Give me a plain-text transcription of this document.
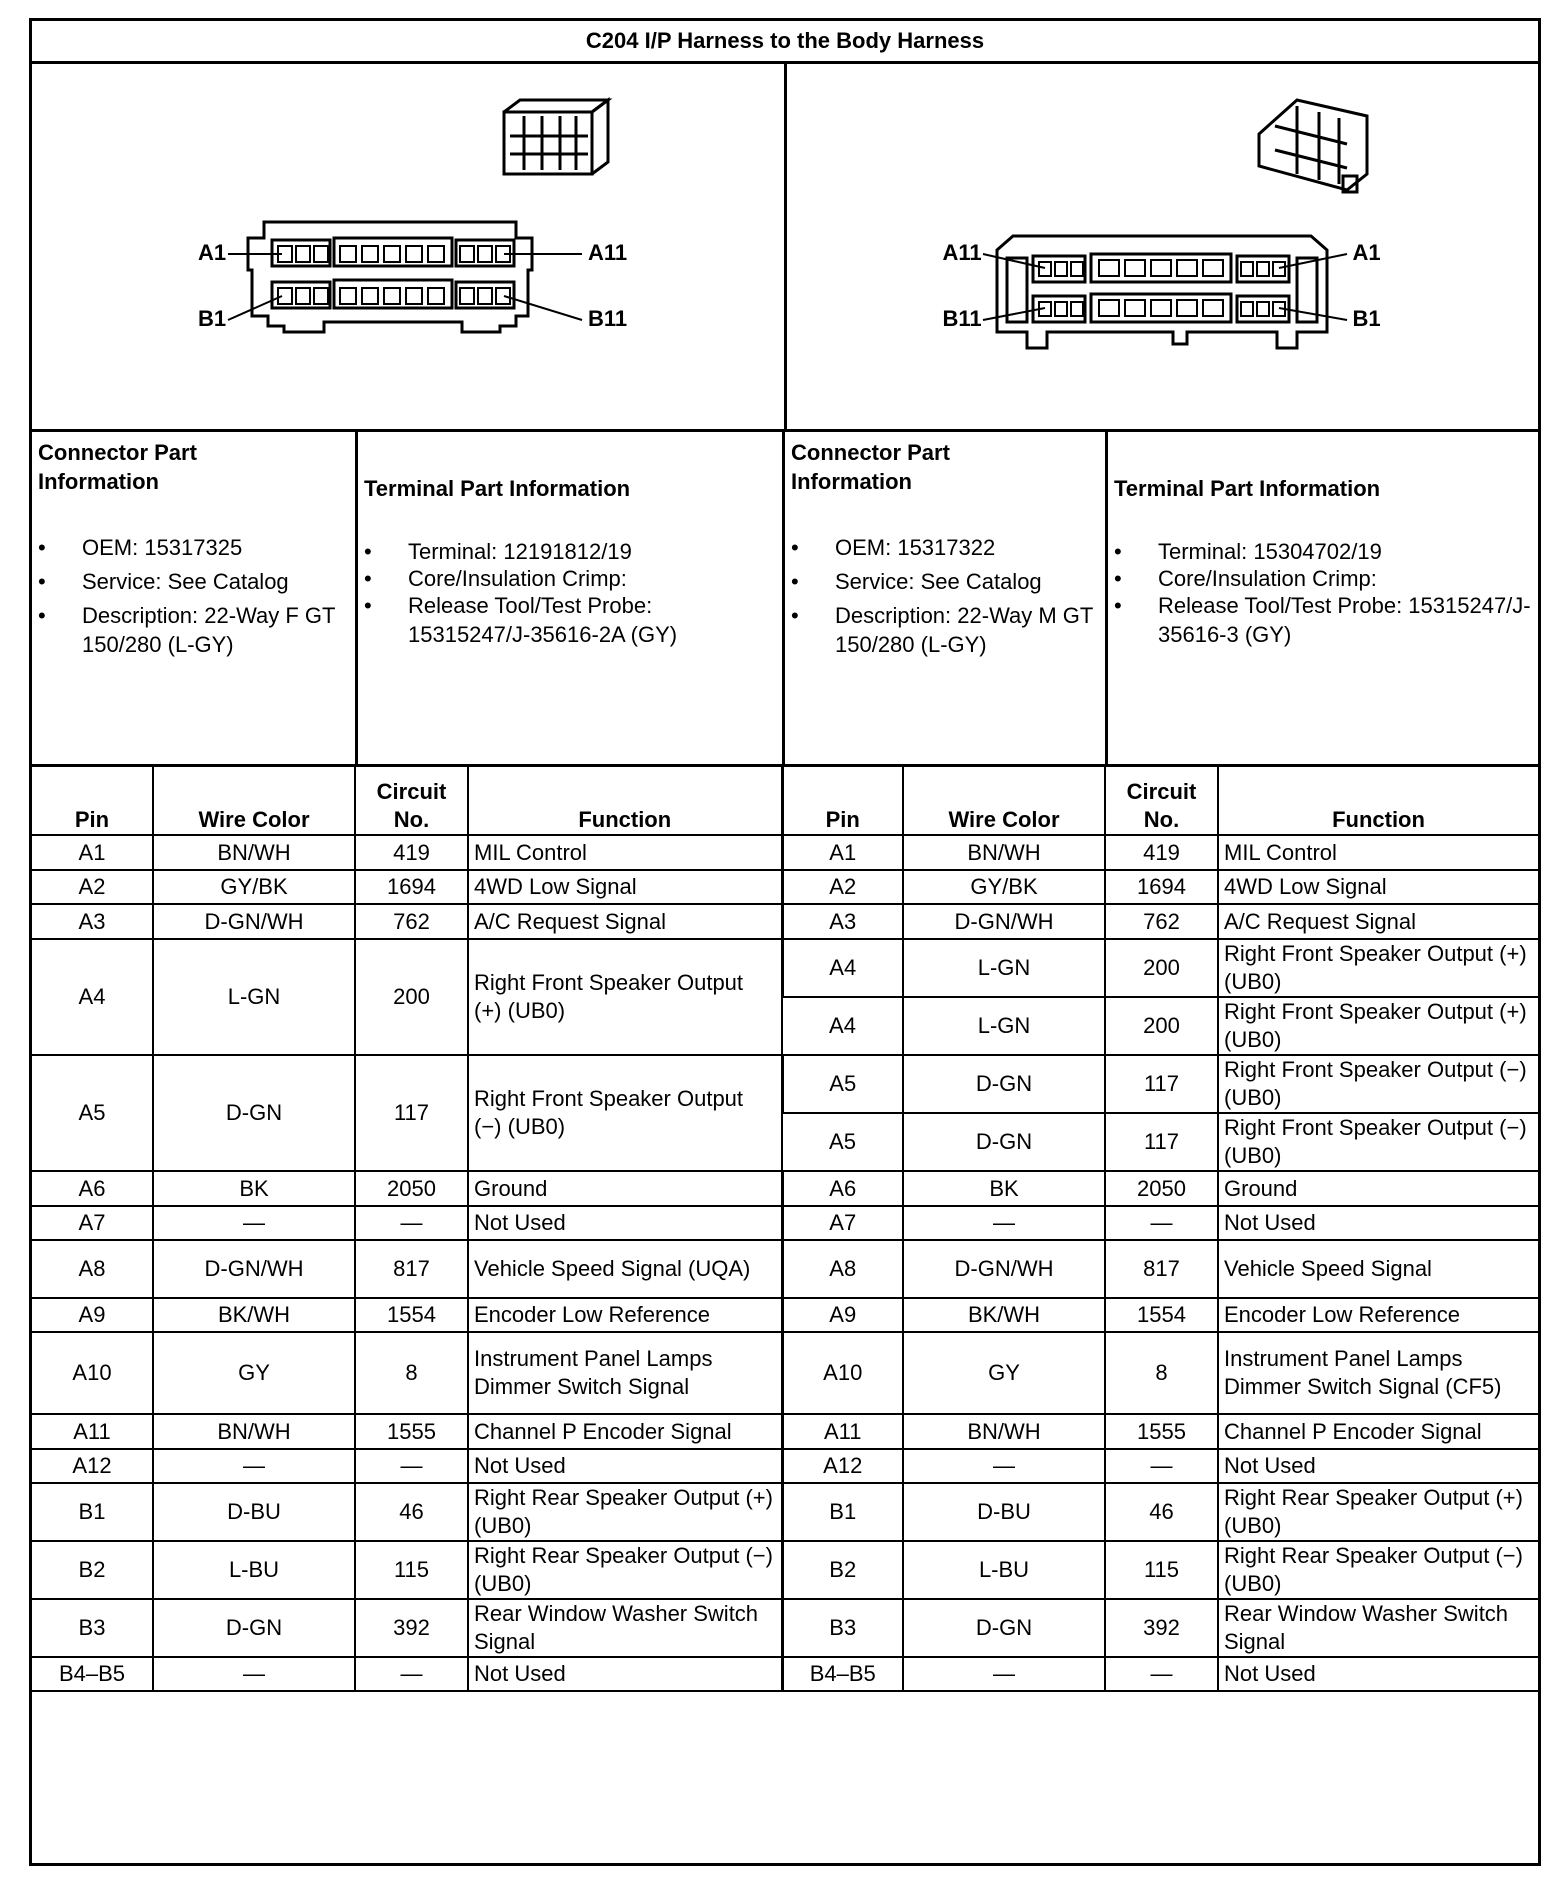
C204 I/P Harness to the Body Harness
A1	A11
B1	B11
A11	A1
B11	B1
Connector Part Information
• OEM: 15317325
• Service: See Catalog
• Description: 22-Way F GT 150/280 (L-GY)
Terminal Part Information
• Terminal: 12191812/19
• Core/Insulation Crimp:
• Release Tool/Test Probe: 15315247/J-35616-2A (GY)
Connector Part Information
• OEM: 15317322
• Service: See Catalog
• Description: 22-Way M GT 150/280 (L-GY)
Terminal Part Information
• Terminal: 15304702/19
• Core/Insulation Crimp:
• Release Tool/Test Probe: 15315247/J-35616-3 (GY)
Pin	Wire Color	Circuit No.	Function	Pin	Wire Color	Circuit No.	Function
A1	BN/WH	419	MIL Control	A1	BN/WH	419	MIL Control
A2	GY/BK	1694	4WD Low Signal	A2	GY/BK	1694	4WD Low Signal
A3	D-GN/WH	762	A/C Request Signal	A3	D-GN/WH	762	A/C Request Signal
A4	L-GN	200	Right Front Speaker Output (+) (UB0)	A4	L-GN	200	Right Front Speaker Output (+) (UB0)
				A4	L-GN	200	Right Front Speaker Output (+) (UB0)
A5	D-GN	117	Right Front Speaker Output (−) (UB0)	A5	D-GN	117	Right Front Speaker Output (−) (UB0)
				A5	D-GN	117	Right Front Speaker Output (−) (UB0)
A6	BK	2050	Ground	A6	BK	2050	Ground
A7	—	—	Not Used	A7	—	—	Not Used
A8	D-GN/WH	817	Vehicle Speed Signal (UQA)	A8	D-GN/WH	817	Vehicle Speed Signal
A9	BK/WH	1554	Encoder Low Reference	A9	BK/WH	1554	Encoder Low Reference
A10	GY	8	Instrument Panel Lamps Dimmer Switch Signal	A10	GY	8	Instrument Panel Lamps Dimmer Switch Signal (CF5)
A11	BN/WH	1555	Channel P Encoder Signal	A11	BN/WH	1555	Channel P Encoder Signal
A12	—	—	Not Used	A12	—	—	Not Used
B1	D-BU	46	Right Rear Speaker Output (+) (UB0)	B1	D-BU	46	Right Rear Speaker Output (+) (UB0)
B2	L-BU	115	Right Rear Speaker Output (−) (UB0)	B2	L-BU	115	Right Rear Speaker Output (−) (UB0)
B3	D-GN	392	Rear Window Washer Switch Signal	B3	D-GN	392	Rear Window Washer Switch Signal
B4–B5	—	—	Not Used	B4–B5	—	—	Not Used
